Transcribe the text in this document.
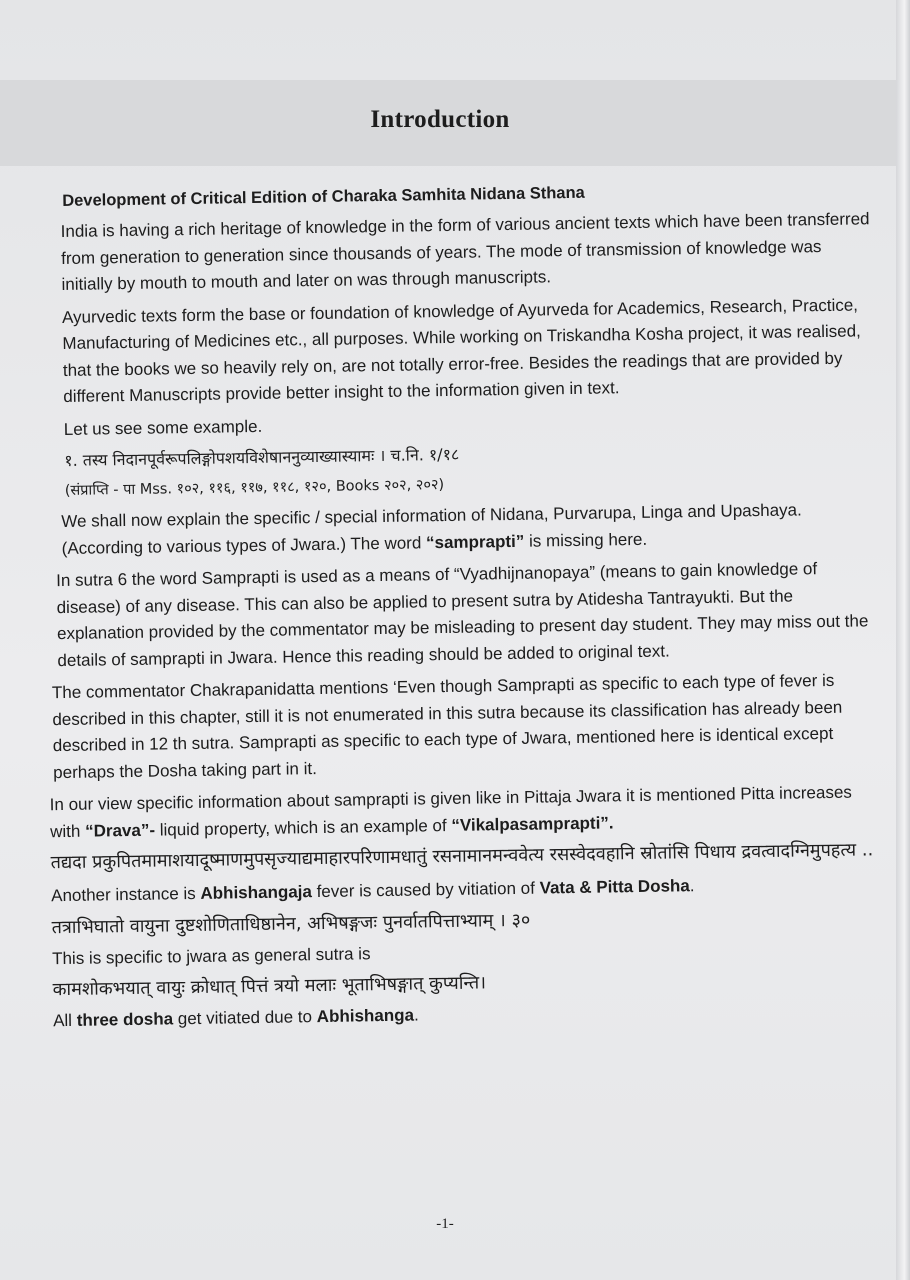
Introduction
Development of Critical Edition of Charaka Samhita Nidana Sthana

India is having a rich heritage of knowledge in the form of various ancient texts which have been transferred from generation to generation since thousands of years. The mode of transmission of knowledge was initially by mouth to mouth and later on was through manuscripts.

Ayurvedic texts form the base or foundation of knowledge of Ayurveda for Academics, Research, Practice, Manufacturing of Medicines etc., all purposes. While working on Triskandha Kosha project, it was realised, that the books we so heavily rely on, are not totally error-free. Besides the readings that are provided by different Manuscripts provide better insight to the information given in text.

Let us see some example.

१. तस्य निदानपूर्वरूपलिङ्गोपशयविशेषाननुव्याख्यास्यामः । च.नि. १/१८

(संप्राप्ति - पा Mss. १०२, ११६, ११७, ११८, १२०, Books २०२, २०२)

We shall now explain the specific / special information of Nidana, Purvarupa, Linga and Upashaya. (According to various types of Jwara.) The word “samprapti” is missing here.

In sutra 6 the word Samprapti is used as a means of “Vyadhijnanopaya” (means to gain knowledge of disease) of any disease. This can also be applied to present sutra by Atidesha Tantrayukti. But the explanation provided by the commentator may be misleading to present day student. They may miss out the details of samprapti in Jwara. Hence this reading should be added to original text.

The commentator Chakrapanidatta mentions ‘Even though Samprapti as specific to each type of fever is described in this chapter, still it is not enumerated in this sutra because its classification has already been described in 12 th sutra. Samprapti as specific to each type of Jwara, mentioned here is identical except perhaps the Dosha taking part in it.

In our view specific information about samprapti is given like in Pittaja Jwara it is mentioned Pitta increases with “Drava”- liquid property, which is an example of “Vikalpasamprapti”.

तद्यदा प्रकुपितमामाशयादूष्माणमुपसृज्याद्यमाहारपरिणामधातुं रसनामानमन्ववेत्य रसस्वेदवहानि स्रोतांसि पिधाय द्रवत्वादग्निमुपहत्य ..

Another instance is Abhishangaja fever is caused by vitiation of Vata & Pitta Dosha.

तत्राभिघातो वायुना दुष्टशोणिताधिष्ठानेन, अभिषङ्गजः पुनर्वातपित्ताभ्याम् । ३०

This is specific to jwara as general sutra is

कामशोकभयात् वायुः क्रोधात् पित्तं त्रयो मलाः भूताभिषङ्गात् कुप्यन्ति।

All three dosha get vitiated due to Abhishanga.

-1-
